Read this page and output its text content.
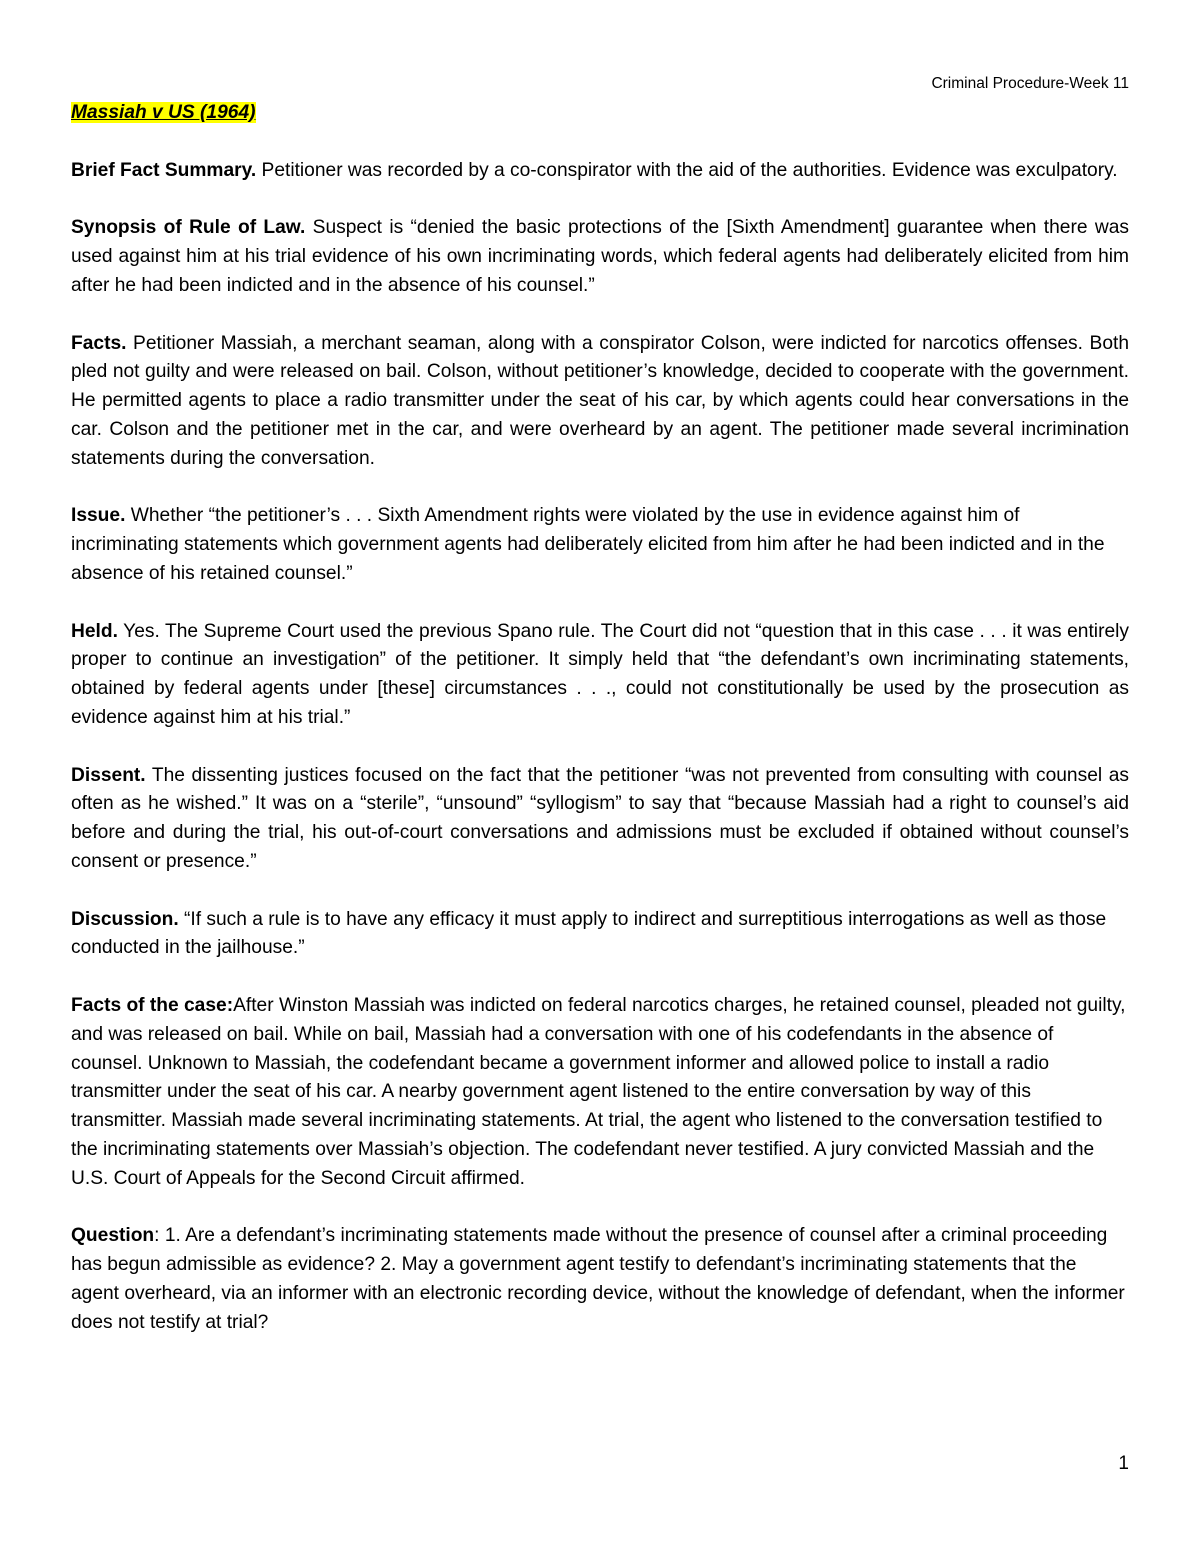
Criminal Procedure-Week 11

Massiah v US (1964)

Brief Fact Summary. Petitioner was recorded by a co-conspirator with the aid of the authorities. Evidence was exculpatory.

Synopsis of Rule of Law. Suspect is “denied the basic protections of the [Sixth Amendment] guarantee when there was used against him at his trial evidence of his own incriminating words, which federal agents had deliberately elicited from him after he had been indicted and in the absence of his counsel.”

Facts. Petitioner Massiah, a merchant seaman, along with a conspirator Colson, were indicted for narcotics offenses. Both pled not guilty and were released on bail. Colson, without petitioner’s knowledge, decided to cooperate with the government. He permitted agents to place a radio transmitter under the seat of his car, by which agents could hear conversations in the car. Colson and the petitioner met in the car, and were overheard by an agent. The petitioner made several incrimination statements during the conversation.

Issue. Whether “the petitioner’s . . . Sixth Amendment rights were violated by the use in evidence against him of incriminating statements which government agents had deliberately elicited from him after he had been indicted and in the absence of his retained counsel.”

Held. Yes. The Supreme Court used the previous Spano rule. The Court did not “question that in this case . . . it was entirely proper to continue an investigation” of the petitioner. It simply held that “the defendant’s own incriminating statements, obtained by federal agents under [these] circumstances . . ., could not constitutionally be used by the prosecution as evidence against him at his trial.”

Dissent. The dissenting justices focused on the fact that the petitioner “was not prevented from consulting with counsel as often as he wished.” It was on a “sterile”, “unsound” “syllogism” to say that “because Massiah had a right to counsel’s aid before and during the trial, his out-of-court conversations and admissions must be excluded if obtained without counsel’s consent or presence.”

Discussion. “If such a rule is to have any efficacy it must apply to indirect and surreptitious interrogations as well as those conducted in the jailhouse.”

Facts of the case:After Winston Massiah was indicted on federal narcotics charges, he retained counsel, pleaded not guilty, and was released on bail. While on bail, Massiah had a conversation with one of his codefendants in the absence of counsel. Unknown to Massiah, the codefendant became a government informer and allowed police to install a radio transmitter under the seat of his car. A nearby government agent listened to the entire conversation by way of this transmitter. Massiah made several incriminating statements. At trial, the agent who listened to the conversation testified to the incriminating statements over Massiah’s objection. The codefendant never testified. A jury convicted Massiah and the U.S. Court of Appeals for the Second Circuit affirmed.

Question: 1. Are a defendant’s incriminating statements made without the presence of counsel after a criminal proceeding has begun admissible as evidence? 2. May a government agent testify to defendant’s incriminating statements that the agent overheard, via an informer with an electronic recording device, without the knowledge of defendant, when the informer does not testify at trial?

1
